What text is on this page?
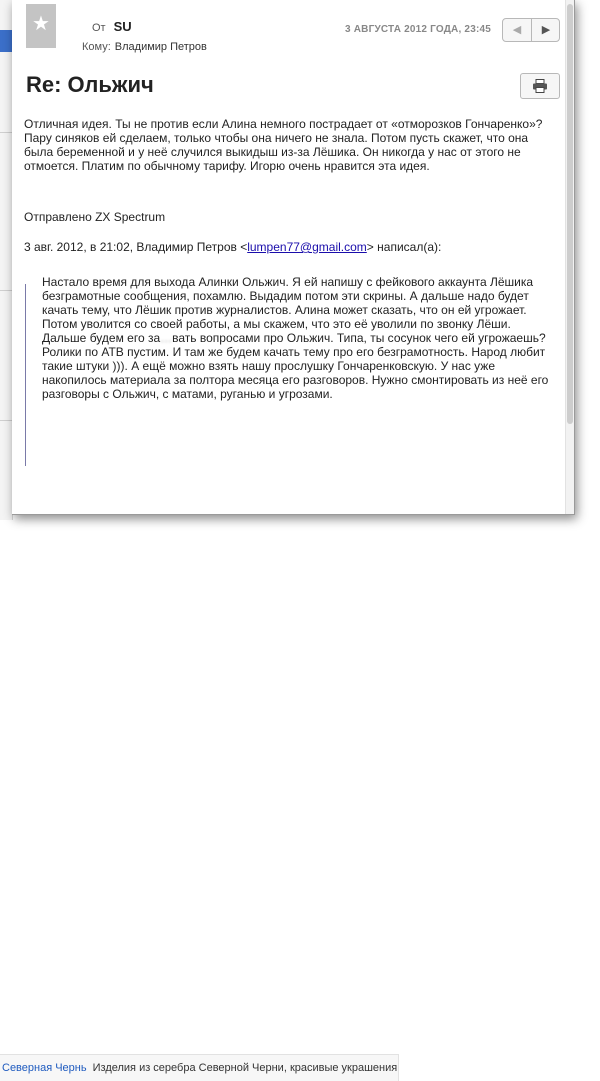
Северная Чернь Изделия из серебра Северной Черни, красивые украшения
★	От SU
Кому: Владимир Петров
3 АВГУСТА 2012 ГОДА, 23:45	◀	▶
Re: Ольжич

Отличная идея. Ты не против если Алина немного пострадает от «отморозков Гончаренко»? Пару синяков ей сделаем, только чтобы она ничего не знала. Потом пусть скажет, что она была беременной и у неё случился выкидыш из-за Лёшика. Он никогда у нас от этого не отмоется. Платим по обычному тарифу. Игорю очень нравится эта идея.

Отправлено ZX Spectrum

3 авг. 2012, в 21:02, Владимир Петров <lumpen77@gmail.com> написал(а):

Настало время для выхода Алинки Ольжич. Я ей напишу с фейкового аккаунта Лёшика безграмотные сообщения, похамлю. Выдадим потом эти скрины. А дальше надо будет качать тему, что Лёшик против журналистов. Алина может сказать, что он ей угрожает. Потом уволится со своей работы, а мы скажем, что это её уволили по звонку Лёши. Дальше будем его за…вать вопросами про Ольжич. Типа, ты сосунок чего ей угрожаешь? Ролики по АТВ пустим. И там же будем качать тему про его безграмотность. Народ любит такие штуки ))). А ещё можно взять нашу прослушку Гончаренковскую. У нас уже накопилось материала за полтора месяца его разговоров. Нужно смонтировать из неё его разговоры с Ольжич, с матами, руганью и угрозами.
